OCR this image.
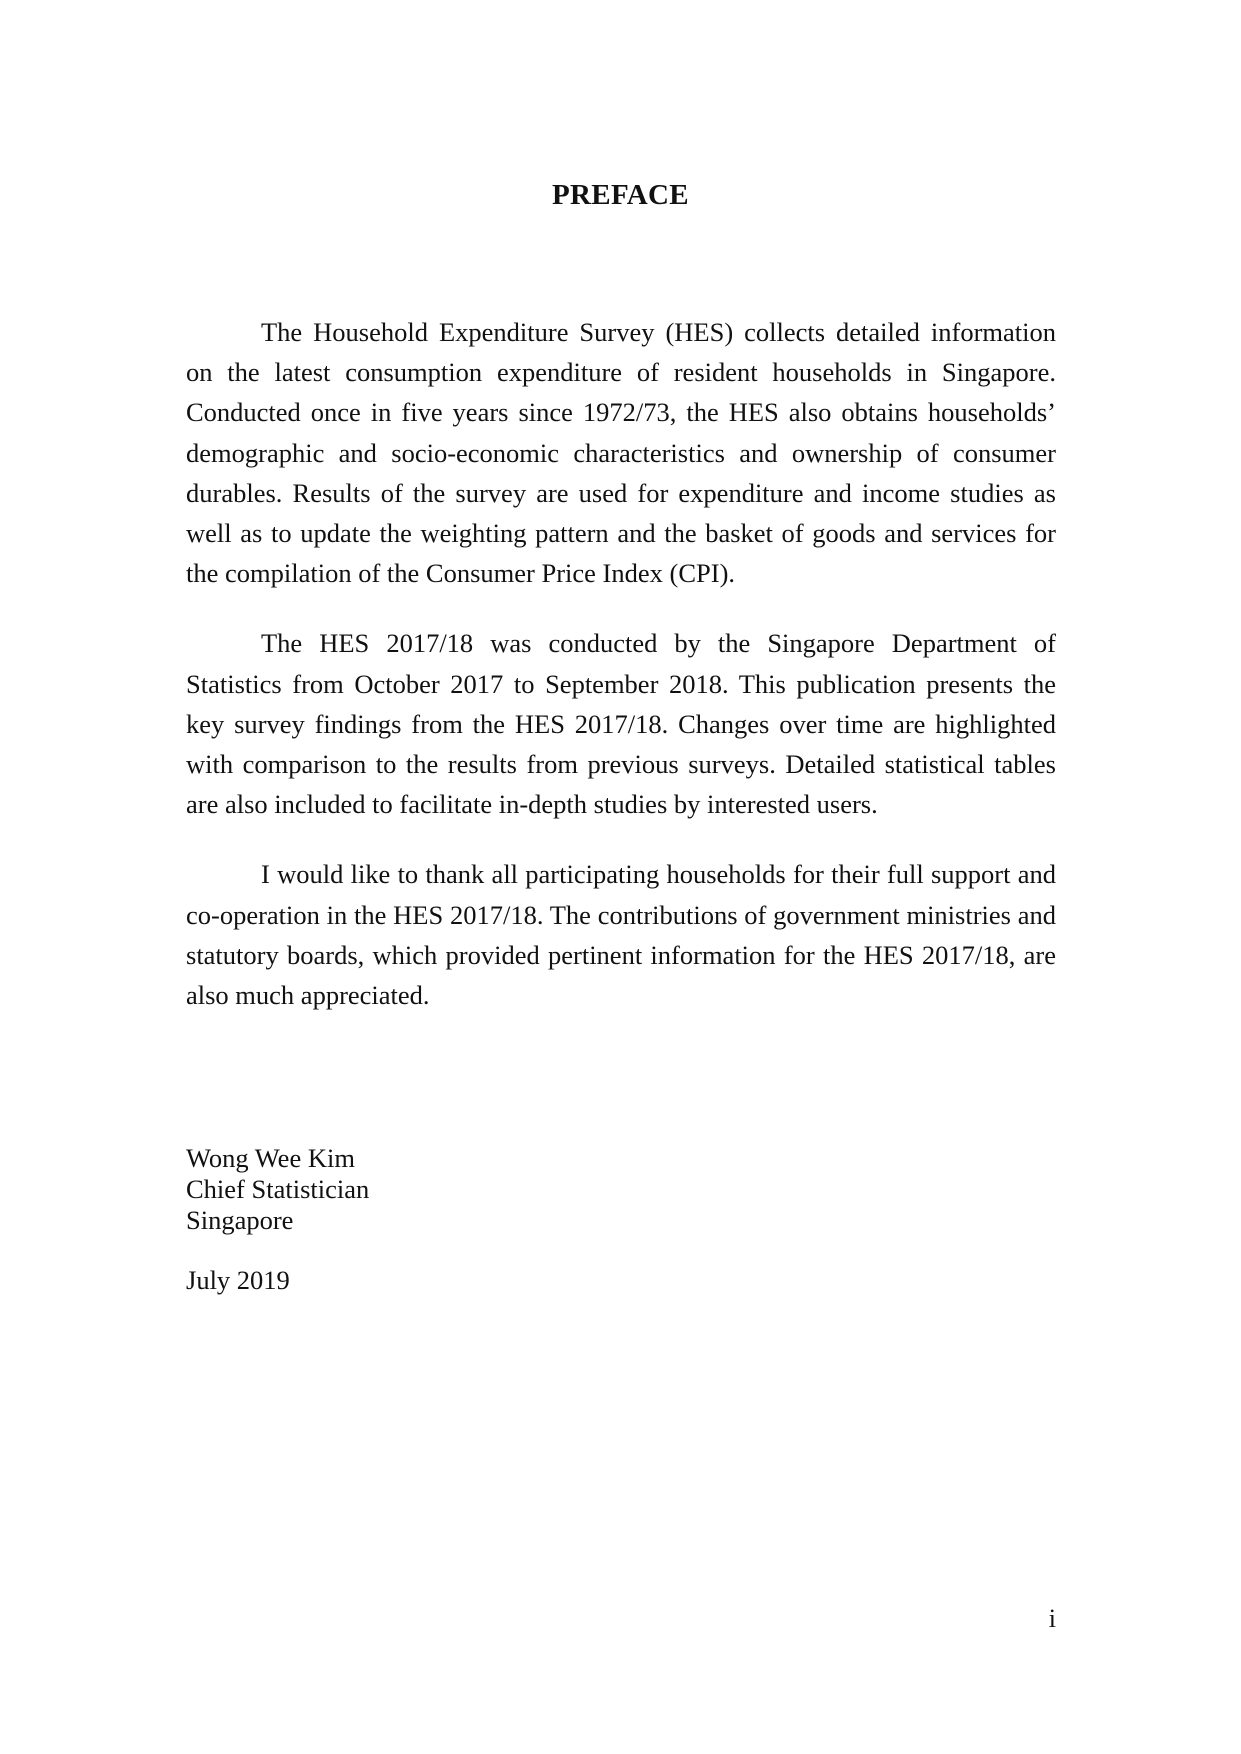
PREFACE

The Household Expenditure Survey (HES) collects detailed information on the latest consumption expenditure of resident households in Singapore. Conducted once in five years since 1972/73, the HES also obtains households’ demographic and socio-economic characteristics and ownership of consumer durables. Results of the survey are used for expenditure and income studies as well as to update the weighting pattern and the basket of goods and services for the compilation of the Consumer Price Index (CPI).

The HES 2017/18 was conducted by the Singapore Department of Statistics from October 2017 to September 2018. This publication presents the key survey findings from the HES 2017/18. Changes over time are highlighted with comparison to the results from previous surveys. Detailed statistical tables are also included to facilitate in-depth studies by interested users.

I would like to thank all participating households for their full support and co-operation in the HES 2017/18. The contributions of government ministries and statutory boards, which provided pertinent information for the HES 2017/18, are also much appreciated.

Wong Wee Kim
Chief Statistician
Singapore
July 2019
i
